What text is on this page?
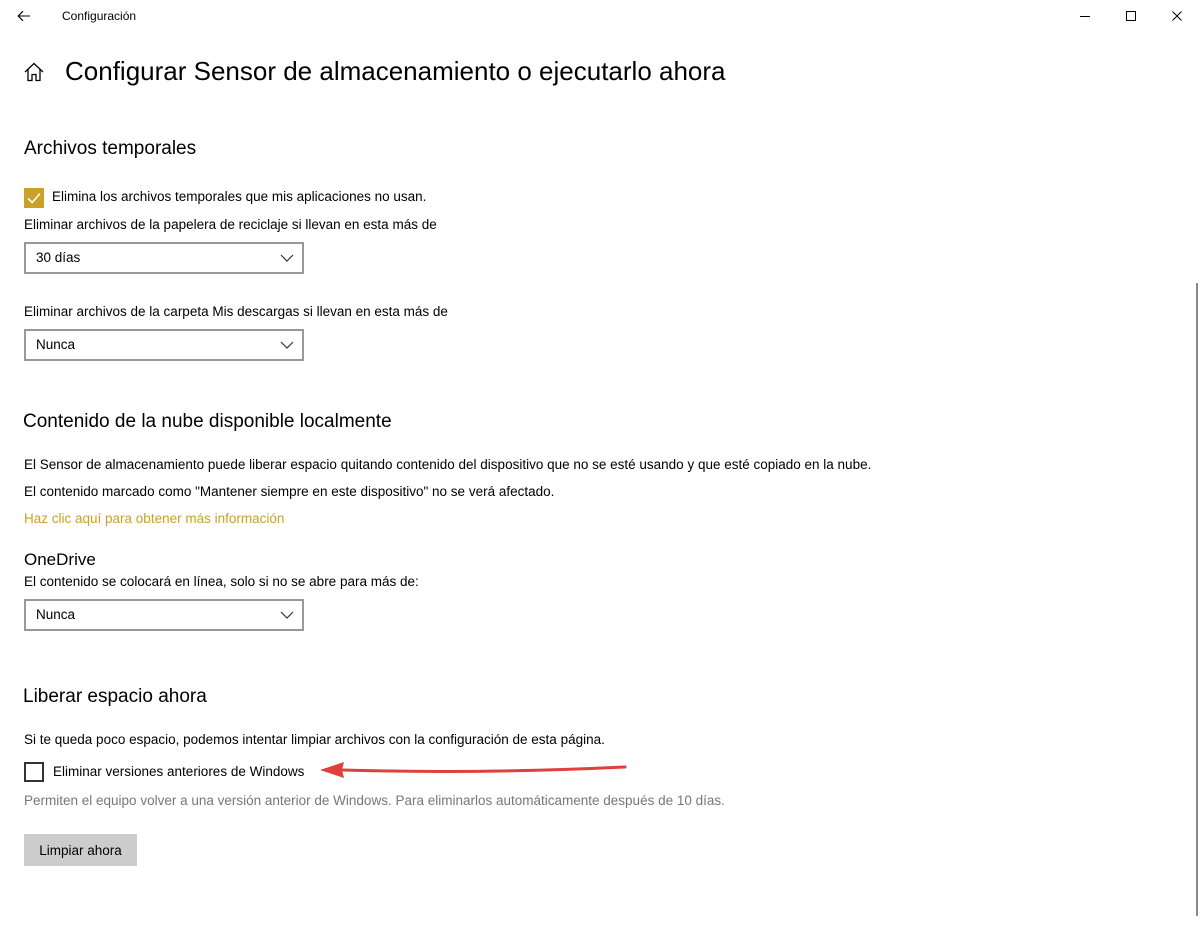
Configuración
Configurar Sensor de almacenamiento o ejecutarlo ahora
Archivos temporales
Elimina los archivos temporales que mis aplicaciones no usan.
Eliminar archivos de la papelera de reciclaje si llevan en esta más de
30 días
Eliminar archivos de la carpeta Mis descargas si llevan en esta más de
Nunca
Contenido de la nube disponible localmente
El Sensor de almacenamiento puede liberar espacio quitando contenido del dispositivo que no se esté usando y que esté copiado en la nube.
El contenido marcado como "Mantener siempre en este dispositivo" no se verá afectado.
Haz clic aquí para obtener más información
OneDrive
El contenido se colocará en línea, solo si no se abre para más de:
Nunca
Liberar espacio ahora
Si te queda poco espacio, podemos intentar limpiar archivos con la configuración de esta página.
Eliminar versiones anteriores de Windows
Permiten el equipo volver a una versión anterior de Windows. Para eliminarlos automáticamente después de 10 días.
Limpiar ahora
